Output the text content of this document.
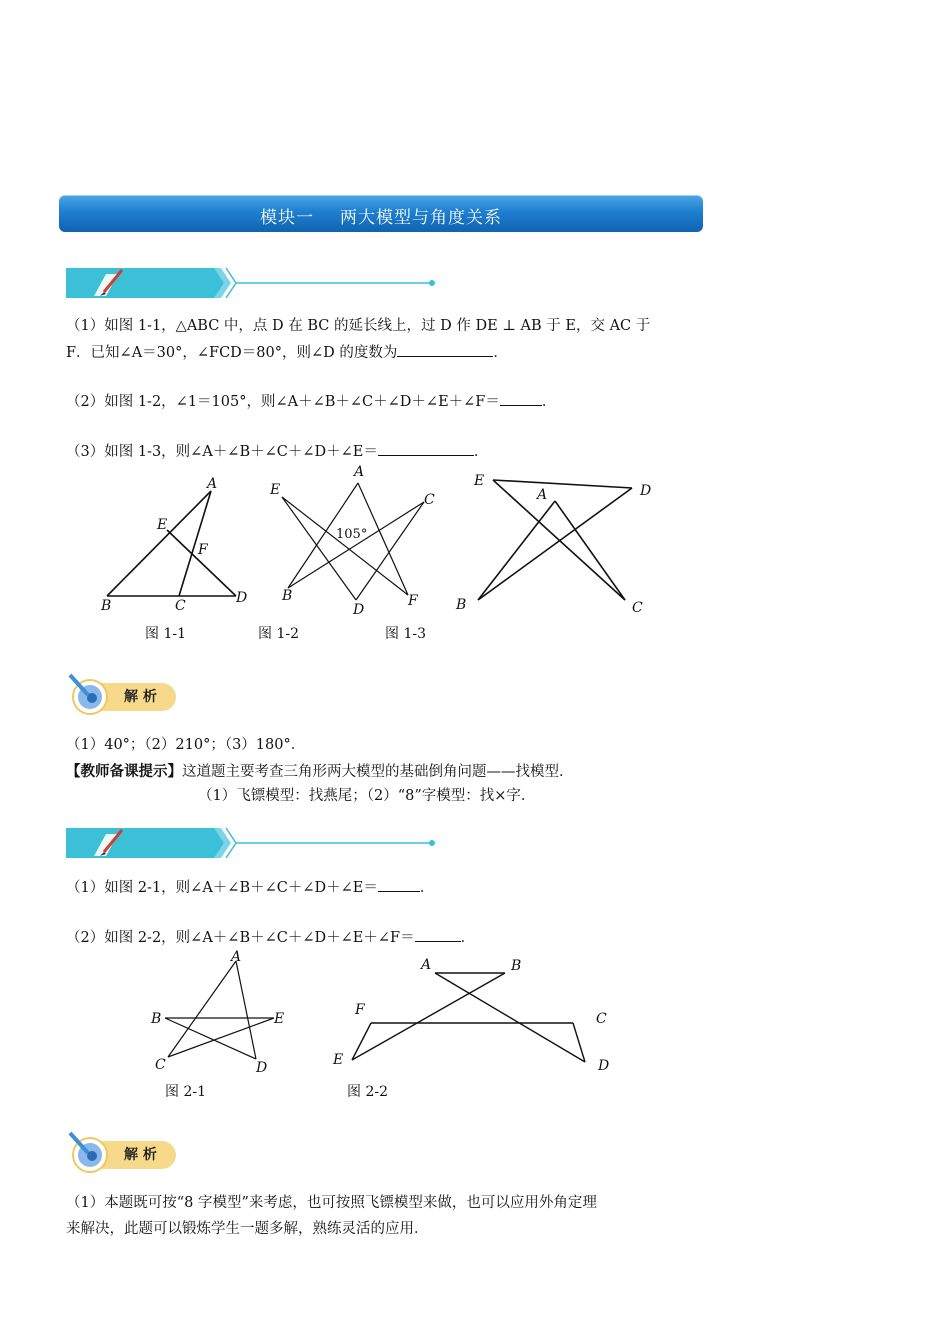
模块一 两大模型与角度关系
（1）如图 1-1，△ABC 中，点 D 在 BC 的延长线上，过 D 作 DE ⊥ AB 于 E，交 AC 于
F．已知∠A＝30°，∠FCD＝80°，则∠D 的度数为	．
（2）如图 1-2，∠1＝105°，则∠A＋∠B＋∠C＋∠D＋∠E＋∠F＝	．
（3）如图 1-3，则∠A＋∠B＋∠C＋∠D＋∠E＝	．
A
E
F
B	C	D
图 1-1
A
E
C
105°
B
D
F
图 1-2
E
A	D
B	C
图 1-3
解 析
（1）40°；（2）210°；（3）180°．
【教师备课提示】这道题主要考查三角形两大模型的基础倒角问题——找模型．
（1）飞镖模型：找燕尾；（2）“8”字模型：找×字．
（1）如图 2-1，则∠A＋∠B＋∠C＋∠D＋∠E＝	．
（2）如图 2-2，则∠A＋∠B＋∠C＋∠D＋∠E＋∠F＝	．
A
B	E
C	D
图 2-1
A	B
F
C
E	D
图 2-2
解 析
（1）本题既可按“8 字模型”来考虑，也可按照飞镖模型来做，也可以应用外角定理
来解决，此题可以锻炼学生一题多解，熟练灵活的应用．
